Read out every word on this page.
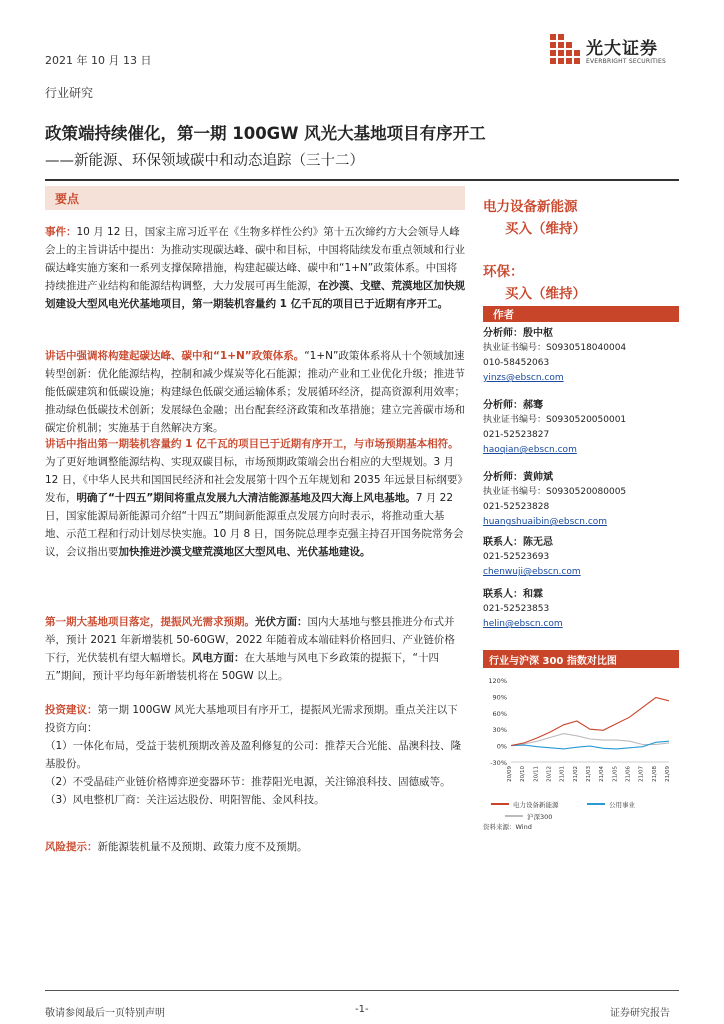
2021 年 10 月 13 日
光大证券
EVERBRIGHT SECURITIES
行业研究
政策端持续催化，第一期 100GW 风光大基地项目有序开工
——新能源、环保领域碳中和动态追踪（三十二）
要点

事件：10 月 12 日，国家主席习近平在《生物多样性公约》第十五次缔约方大会领导人峰会上的主旨讲话中提出：为推动实现碳达峰、碳中和目标，中国将陆续发布重点领域和行业碳达峰实施方案和一系列支撑保障措施，构建起碳达峰、碳中和“1+N”政策体系。中国将持续推进产业结构和能源结构调整，大力发展可再生能源，在沙漠、戈壁、荒漠地区加快规划建设大型风电光伏基地项目，第一期装机容量约 1 亿千瓦的项目已于近期有序开工。

讲话中强调将构建起碳达峰、碳中和“1+N”政策体系。“1+N”政策体系将从十个领域加速转型创新：优化能源结构，控制和减少煤炭等化石能源；推动产业和工业优化升级；推进节能低碳建筑和低碳设施；构建绿色低碳交通运输体系；发展循环经济，提高资源利用效率；推动绿色低碳技术创新；发展绿色金融；出台配套经济政策和改革措施；建立完善碳市场和碳定价机制；实施基于自然解决方案。

讲话中指出第一期装机容量约 1 亿千瓦的项目已于近期有序开工，与市场预期基本相符。为了更好地调整能源结构、实现双碳目标，市场预期政策端会出台相应的大型规划。3 月 12 日，《中华人民共和国国民经济和社会发展第十四个五年规划和 2035 年远景目标纲要》发布，明确了“十四五”期间将重点发展九大清洁能源基地及四大海上风电基地。7 月 22 日，国家能源局新能源司介绍“十四五”期间新能源重点发展方向时表示，将推动重大基地、示范工程和行动计划尽快实施。10 月 8 日，国务院总理李克强主持召开国务院常务会议，会议指出要加快推进沙漠戈壁荒漠地区大型风电、光伏基地建设。

第一期大基地项目落定，提振风光需求预期。光伏方面：国内大基地与整县推进分布式并举，预计 2021 年新增装机 50-60GW，2022 年随着成本端硅料价格回归、产业链价格下行，光伏装机有望大幅增长。风电方面：在大基地与风电下乡政策的提振下，“十四五”期间，预计平均每年新增装机将在 50GW 以上。

投资建议：第一期 100GW 风光大基地项目有序开工，提振风光需求预期。重点关注以下投资方向：

（1）一体化布局，受益于装机预期改善及盈利修复的公司：推荐天合光能、晶澳科技、隆基股份。

（2）不受晶硅产业链价格博弈逆变器环节：推荐阳光电源，关注锦浪科技、固德威等。

（3）风电整机厂商：关注运达股份、明阳智能、金风科技。

风险提示：新能源装机量不及预期、政策力度不及预期。

电力设备新能源
买入（维持）
环保：
买入（维持）
作者
分析师：殷中枢
执业证书编号：S0930518040004
010-58452063
yinzs@ebscn.com
分析师：郝骞
执业证书编号：S0930520050001
021-52523827
haoqian@ebscn.com
分析师：黄帅斌
执业证书编号：S0930520080005
021-52523828
huangshuaibin@ebscn.com
联系人：陈无忌
021-52523693
chenwuji@ebscn.com
联系人：和霖
021-52523853
helin@ebscn.com
行业与沪深 300 指数对比图
120%
90%
60%
30%
0%
-30%
20/09 20/10 20/11 20/12 21/01 21/02 21/03 21/04 21/05 21/06 21/07 21/08 21/09
电力设备新能源	公用事业
沪深300
资料来源：Wind
敬请参阅最后一页特别声明	-1-	证券研究报告
